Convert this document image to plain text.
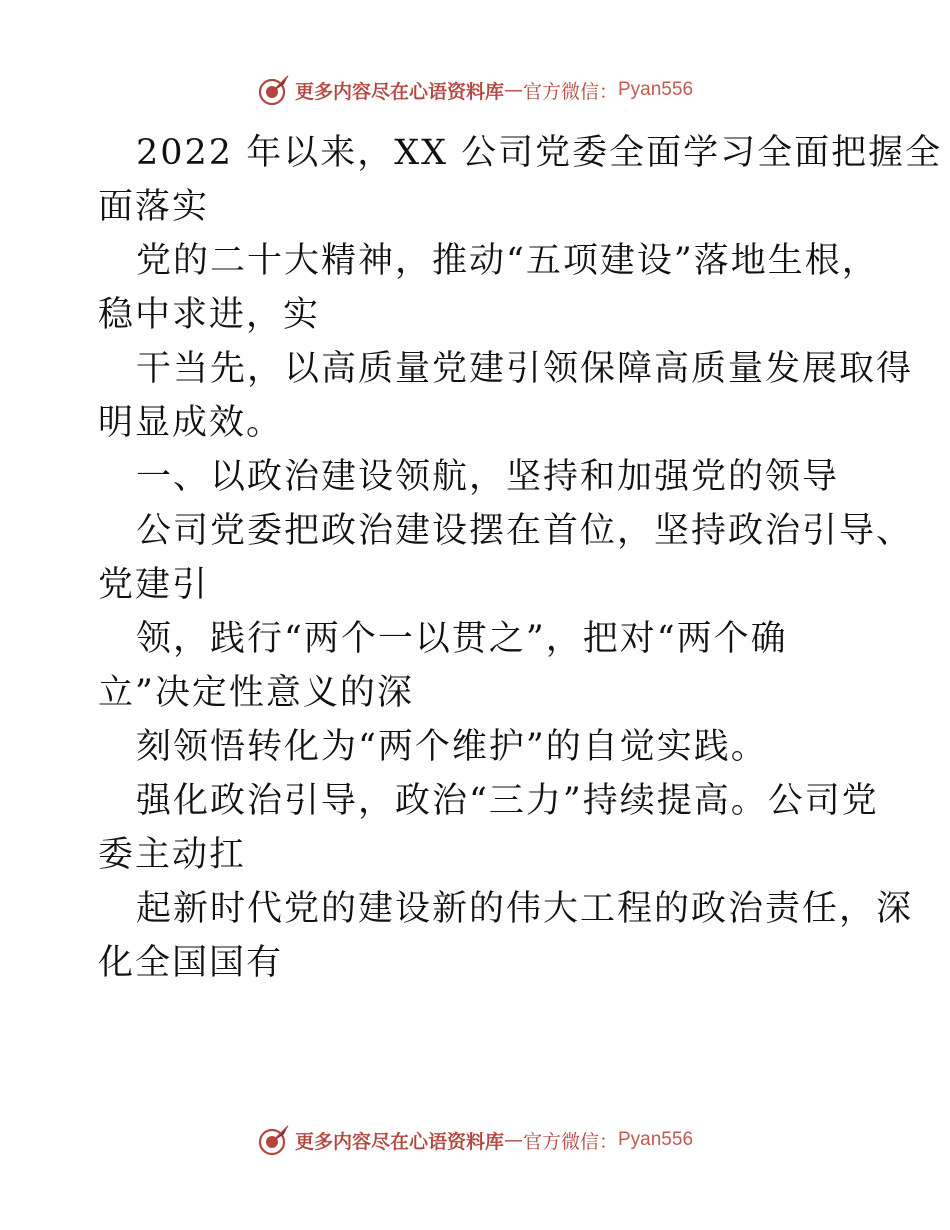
更多内容尽在心语资料库 — 官方微信： Pyan556

2022 年以来，XX 公司党委全面学习全面把握全
面落实

党的二十大精神，推动“五项建设”落地生根，
稳中求进，实

干当先，以高质量党建引领保障高质量发展取得
明显成效。

一、以政治建设领航，坚持和加强党的领导

公司党委把政治建设摆在首位，坚持政治引导、
党建引

领，践行“两个一以贯之”，把对“两个确
立”决定性意义的深

刻领悟转化为“两个维护”的自觉实践。

强化政治引导，政治“三力”持续提高。公司党
委主动扛

起新时代党的建设新的伟大工程的政治责任，深
化全国国有

更多内容尽在心语资料库 — 官方微信： Pyan556
